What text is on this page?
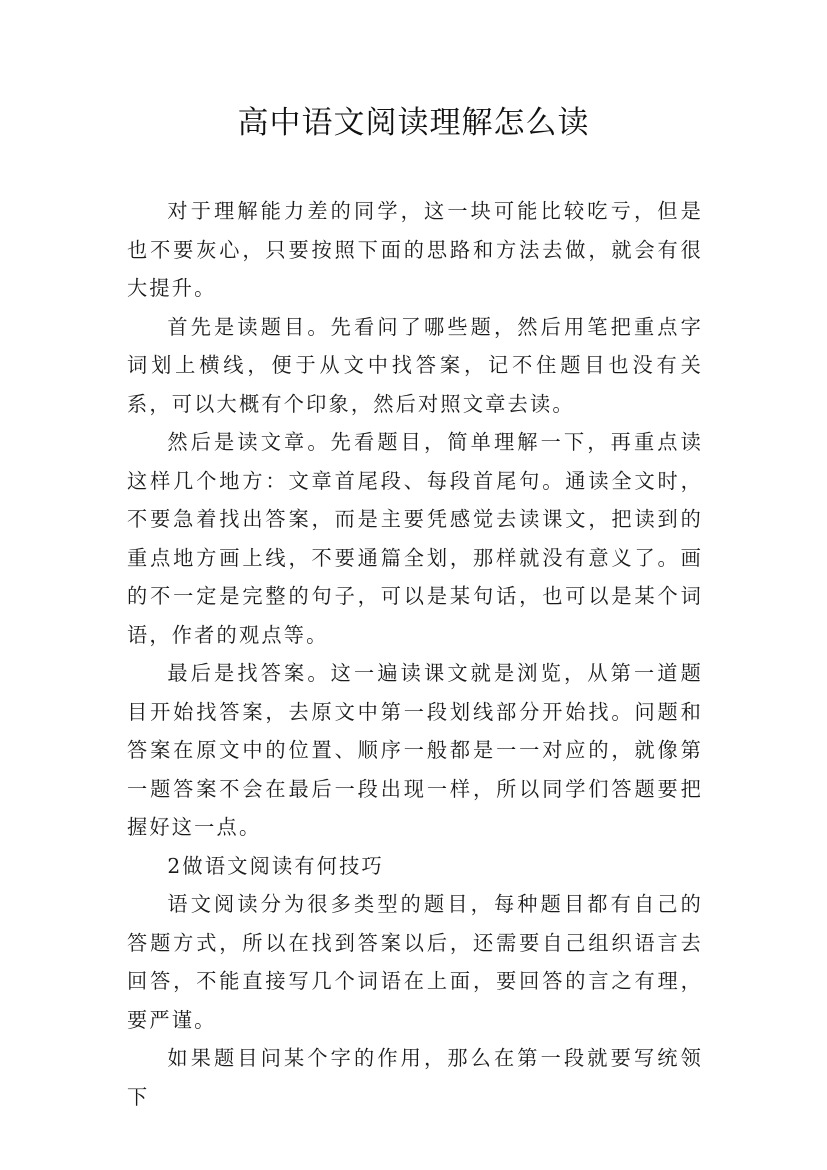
高中语文阅读理解怎么读

对于理解能力差的同学，这一块可能比较吃亏，但是也不要灰心，只要按照下面的思路和方法去做，就会有很大提升。

首先是读题目。先看问了哪些题，然后用笔把重点字词划上横线，便于从文中找答案，记不住题目也没有关系，可以大概有个印象，然后对照文章去读。

然后是读文章。先看题目，简单理解一下，再重点读这样几个地方：文章首尾段、每段首尾句。通读全文时，不要急着找出答案，而是主要凭感觉去读课文，把读到的重点地方画上线，不要通篇全划，那样就没有意义了。画的不一定是完整的句子，可以是某句话，也可以是某个词语，作者的观点等。

最后是找答案。这一遍读课文就是浏览，从第一道题目开始找答案，去原文中第一段划线部分开始找。问题和答案在原文中的位置、顺序一般都是一一对应的，就像第一题答案不会在最后一段出现一样，所以同学们答题要把握好这一点。

2做语文阅读有何技巧

语文阅读分为很多类型的题目，每种题目都有自己的答题方式，所以在找到答案以后，还需要自己组织语言去回答，不能直接写几个词语在上面，要回答的言之有理，要严谨。

如果题目问某个字的作用，那么在第一段就要写统领下
